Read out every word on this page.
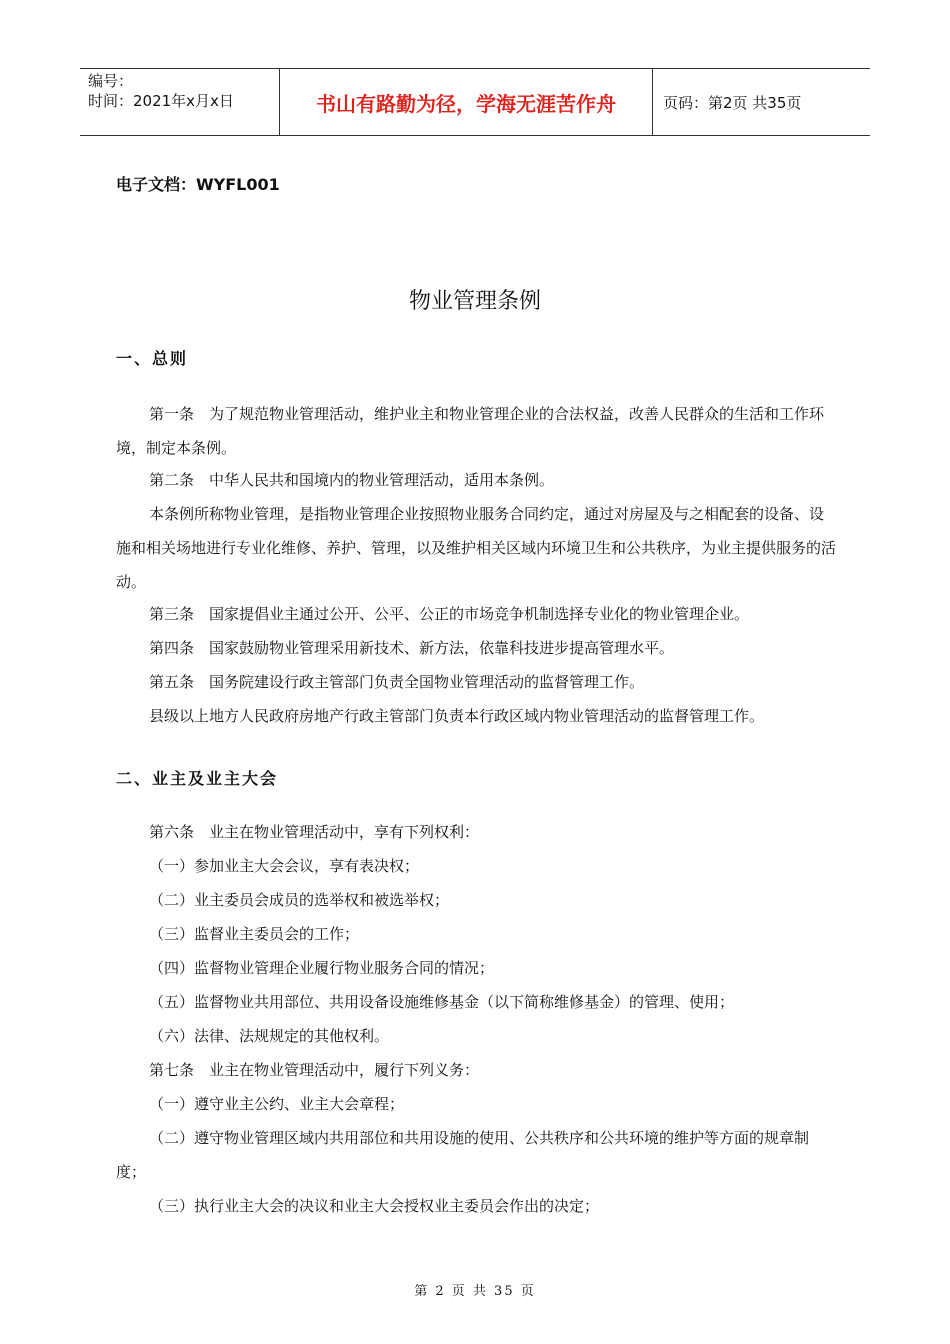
编号：
时间：2021年x月x日	书山有路勤为径，学海无涯苦作舟	页码：第2页 共35页
电子文档：WYFL001
物业管理条例
一、总则

第一条　为了规范物业管理活动，维护业主和物业管理企业的合法权益，改善人民群众的生活和工作环境，制定本条例。

第二条　中华人民共和国境内的物业管理活动，适用本条例。

本条例所称物业管理，是指物业管理企业按照物业服务合同约定，通过对房屋及与之相配套的设备、设施和相关场地进行专业化维修、养护、管理，以及维护相关区域内环境卫生和公共秩序，为业主提供服务的活动。

第三条　国家提倡业主通过公开、公平、公正的市场竞争机制选择专业化的物业管理企业。

第四条　国家鼓励物业管理采用新技术、新方法，依靠科技进步提高管理水平。

第五条　国务院建设行政主管部门负责全国物业管理活动的监督管理工作。

县级以上地方人民政府房地产行政主管部门负责本行政区域内物业管理活动的监督管理工作。

二、业主及业主大会

第六条　业主在物业管理活动中，享有下列权利：

（一）参加业主大会会议，享有表决权；

（二）业主委员会成员的选举权和被选举权；

（三）监督业主委员会的工作；

（四）监督物业管理企业履行物业服务合同的情况；

（五）监督物业共用部位、共用设备设施维修基金（以下简称维修基金）的管理、使用；

（六）法律、法规规定的其他权利。

第七条　业主在物业管理活动中，履行下列义务：

（一）遵守业主公约、业主大会章程；

（二）遵守物业管理区域内共用部位和共用设施的使用、公共秩序和公共环境的维护等方面的规章制度；

（三）执行业主大会的决议和业主大会授权业主委员会作出的决定；

第 2 页 共 35 页
